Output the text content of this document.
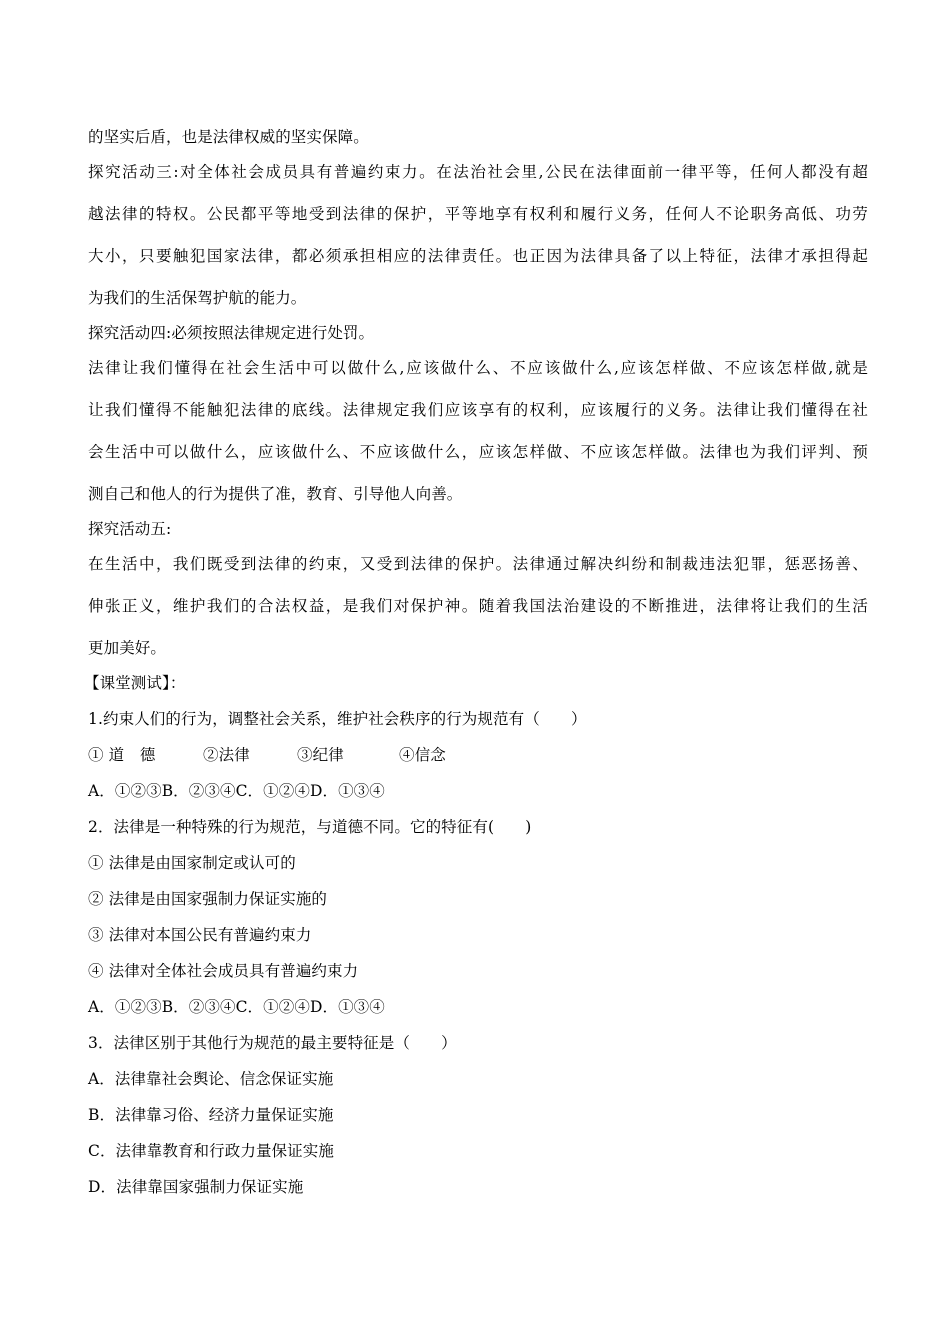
的坚实后盾，也是法律权威的坚实保障。
探究活动三:对全体社会成员具有普遍约束力。在法治社会里,公民在法律面前一律平等，任何人都没有超
越法律的特权。公民都平等地受到法律的保护，平等地享有权利和履行义务，任何人不论职务高低、功劳
大小，只要触犯国家法律，都必须承担相应的法律责任。也正因为法律具备了以上特征，法律才承担得起
为我们的生活保驾护航的能力。
探究活动四:必须按照法律规定进行处罚。
法律让我们懂得在社会生活中可以做什么,应该做什么、不应该做什么,应该怎样做、不应该怎样做,就是
让我们懂得不能触犯法律的底线。法律规定我们应该享有的权利，应该履行的义务。法律让我们懂得在社
会生活中可以做什么，应该做什么、不应该做什么，应该怎样做、不应该怎样做。法律也为我们评判、预
测自己和他人的行为提供了准，教育、引导他人向善。
探究活动五:
在生活中，我们既受到法律的约束，又受到法律的保护。法律通过解决纠纷和制裁违法犯罪，惩恶扬善、
伸张正义，维护我们的合法权益，是我们对保护神。随着我国法治建设的不断推进，法律将让我们的生活
更加美好。
【课堂测试】：
1.约束人们的行为，调整社会关系，维护社会秩序的行为规范有（　　）
① 道　德	②法律	③纪律	④信念
A．①②③B．②③④C．①②④D．①③④
2．法律是一种特殊的行为规范，与道德不同。它的特征有(　　)
① 法律是由国家制定或认可的
② 法律是由国家强制力保证实施的
③ 法律对本国公民有普遍约束力
④ 法律对全体社会成员具有普遍约束力
A．①②③B．②③④C．①②④D．①③④
3．法律区别于其他行为规范的最主要特征是（　　）
A．法律靠社会舆论、信念保证实施
B．法律靠习俗、经济力量保证实施
C．法律靠教育和行政力量保证实施
D．法律靠国家强制力保证实施
